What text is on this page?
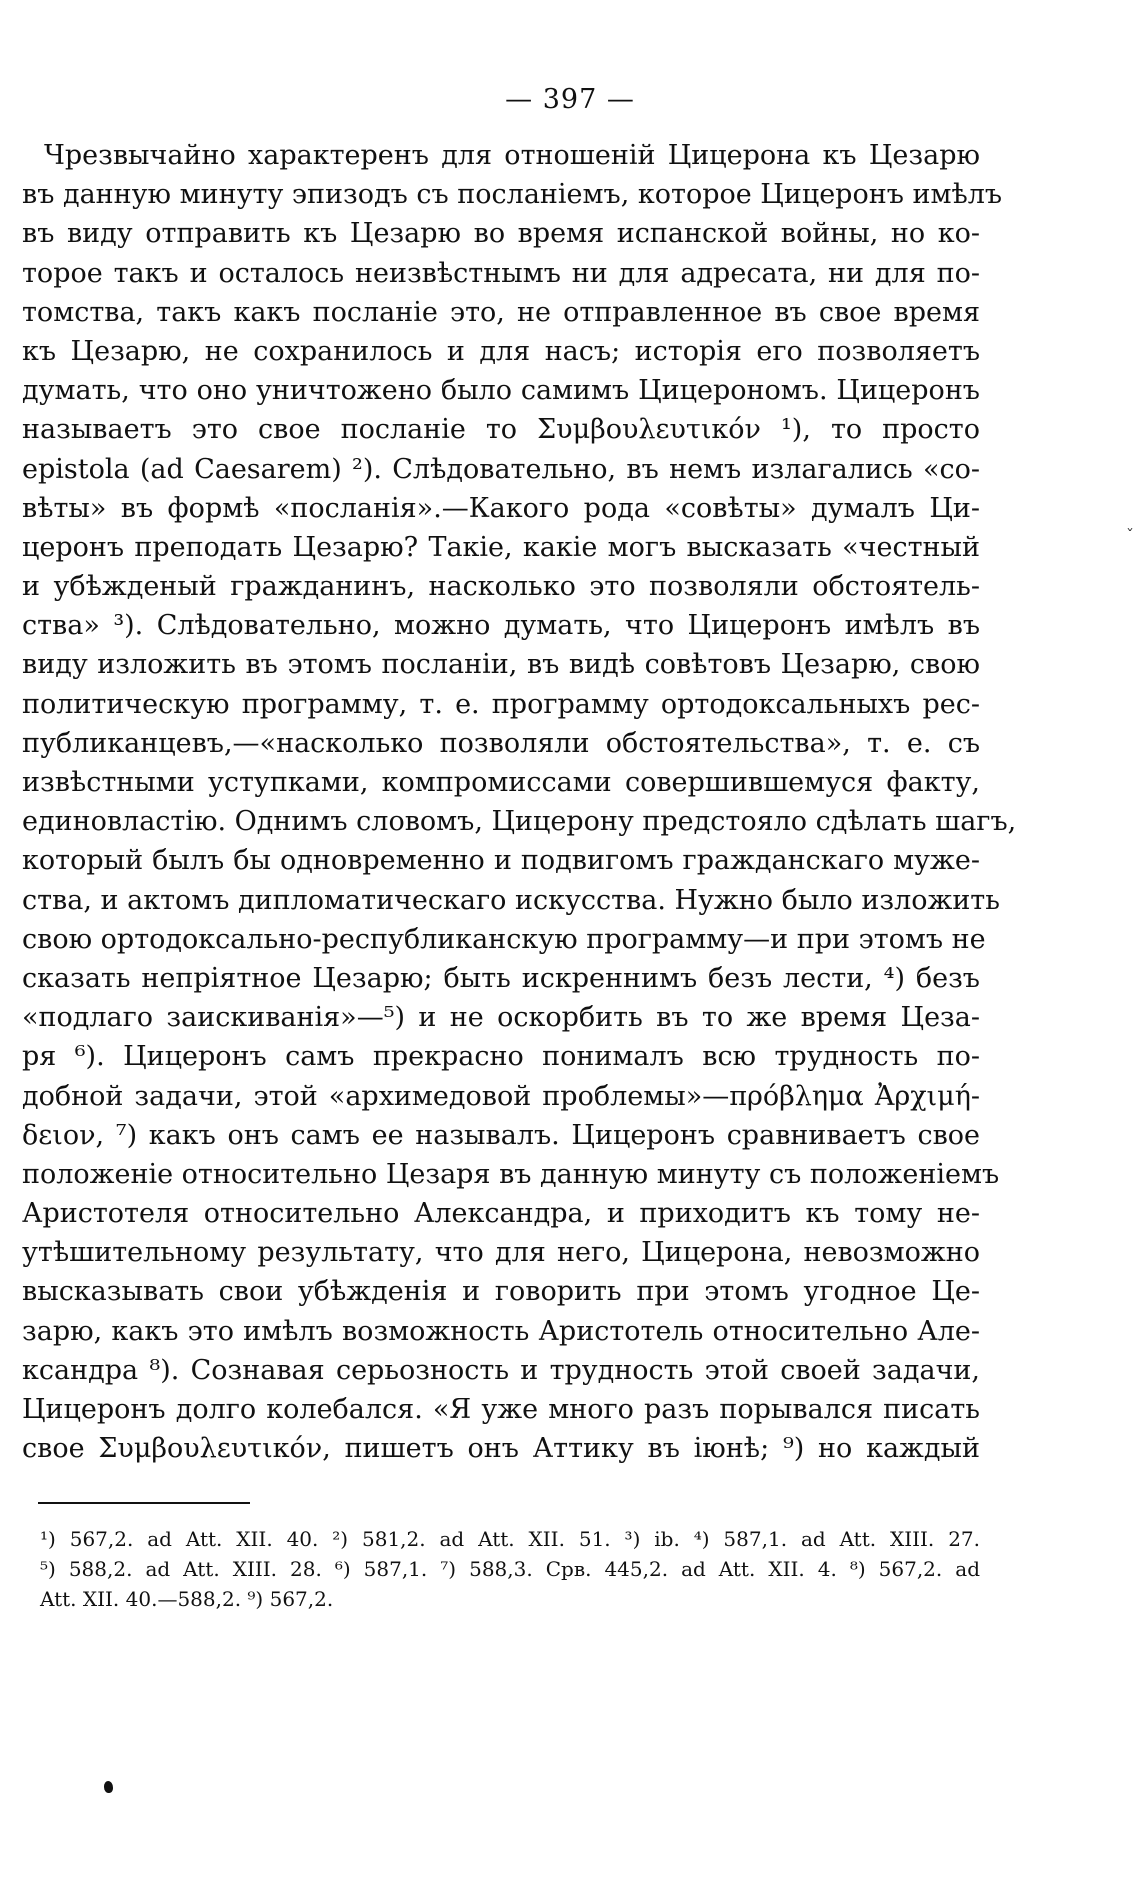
— 397 —
Чрезвычайно характеренъ для отношеній Цицерона къ Цезарю
въ данную минуту эпизодъ съ посланіемъ, которое Цицеронъ имѣлъ
въ виду отправить къ Цезарю во время испанской войны, но ко-
торое такъ и осталось неизвѣстнымъ ни для адресата, ни для по-
томства, такъ какъ посланіе это, не отправленное въ свое время
къ Цезарю, не сохранилось и для насъ; исторія его позволяетъ
думать, что оно уничтожено было самимъ Цицерономъ. Цицеронъ
называетъ это свое посланіе то Συμβουλευτικόν ¹), то просто
epistola (ad Caesarem) ²). Слѣдовательно, въ немъ излагались «со-
вѣты» въ формѣ «посланія».—Какого рода «совѣты» думалъ Ци-
церонъ преподать Цезарю? Такіе, какіе могъ высказать «честный
и убѣжденый гражданинъ, насколько это позволяли обстоятель-
ства» ³). Слѣдовательно, можно думать, что Цицеронъ имѣлъ въ
виду изложить въ этомъ посланіи, въ видѣ совѣтовъ Цезарю, свою
политическую программу, т. е. программу ортодоксальныхъ рес-
публиканцевъ,—«насколько позволяли обстоятельства», т. е. съ
извѣстными уступками, компромиссами совершившемуся факту,
единовластію. Однимъ словомъ, Цицерону предстояло сдѣлать шагъ,
который былъ бы одновременно и подвигомъ гражданскаго муже-
ства, и актомъ дипломатическаго искусства. Нужно было изложить
свою ортодоксально-республиканскую программу—и при этомъ не
сказать непріятное Цезарю; быть искреннимъ безъ лести, ⁴) безъ
«подлаго заискиванія»—⁵) и не оскорбить въ то же время Цеза-
ря ⁶). Цицеронъ самъ прекрасно понималъ всю трудность по-
добной задачи, этой «архимедовой проблемы»—πρόβλημα Ἀρχιμή-
δειον, ⁷) какъ онъ самъ ее называлъ. Цицеронъ сравниваетъ свое
положеніе относительно Цезаря въ данную минуту съ положеніемъ
Аристотеля относительно Александра, и приходитъ къ тому не-
утѣшительному результату, что для него, Цицерона, невозможно
высказывать свои убѣжденія и говорить при этомъ угодное Це-
зарю, какъ это имѣлъ возможность Аристотель относительно Але-
ксандра ⁸). Сознавая серьозность и трудность этой своей задачи,
Цицеронъ долго колебался. «Я уже много разъ порывался писать
свое Συμβουλευτικόν, пишетъ онъ Аттику въ іюнѣ; ⁹) но каждый
¹) 567,2. ad Att. XII. 40. ²) 581,2. ad Att. XII. 51. ³) ib. ⁴) 587,1. ad Att. XIII. 27.
⁵) 588,2. ad Att. XIII. 28. ⁶) 587,1. ⁷) 588,3. Срв. 445,2. ad Att. XII. 4. ⁸) 567,2. ad
Att. XII. 40.—588,2. ⁹) 567,2.
˯
